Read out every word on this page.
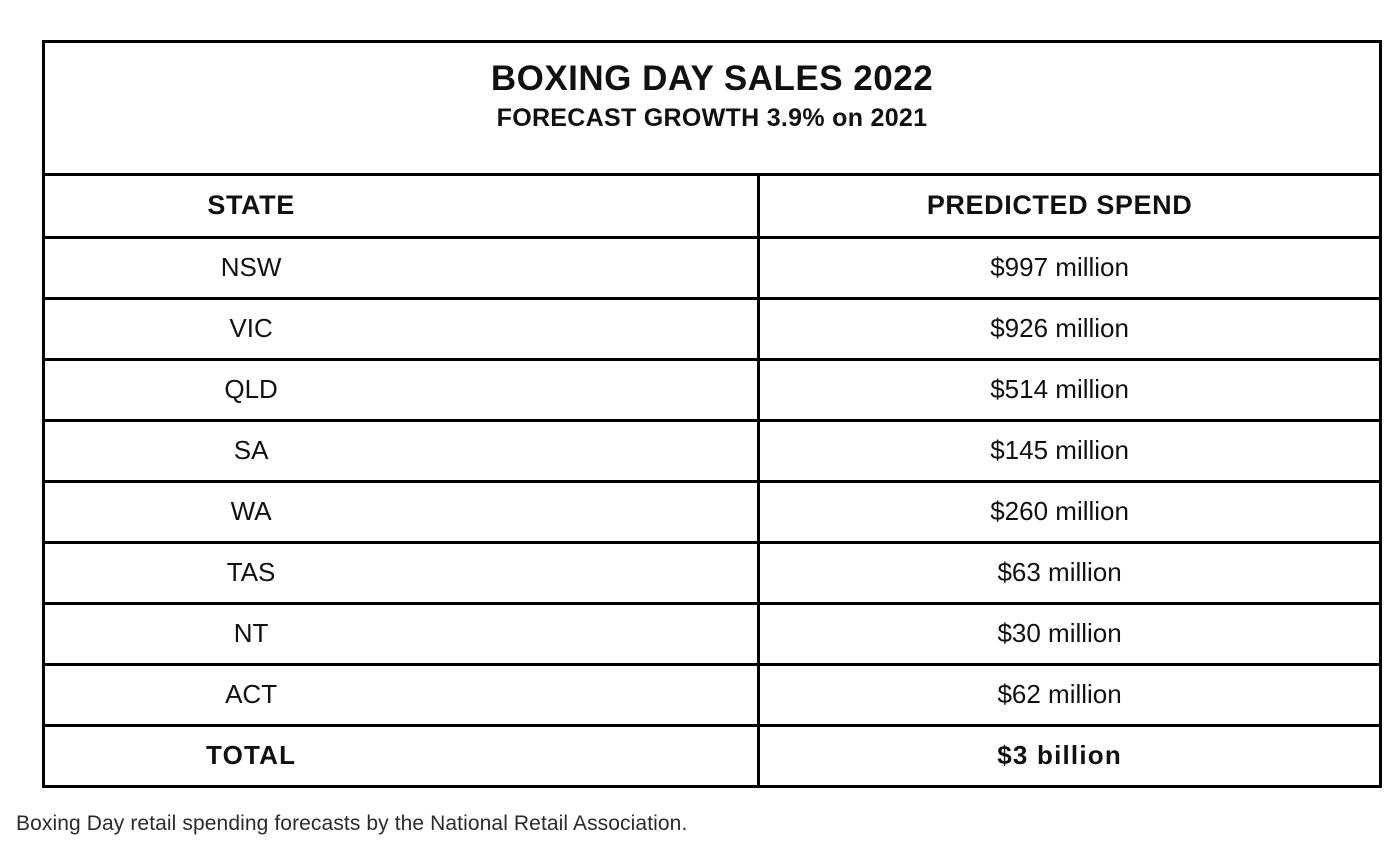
BOXING DAY SALES 2022
FORECAST GROWTH 3.9% on 2021
STATE	PREDICTED SPEND

NSW	$997 million

VIC	$926 million

QLD	$514 million

SA	$145 million

WA	$260 million

TAS	$63 million

NT	$30 million

ACT	$62 million

TOTAL	$3 billion
Boxing Day retail spending forecasts by the National Retail Association.
